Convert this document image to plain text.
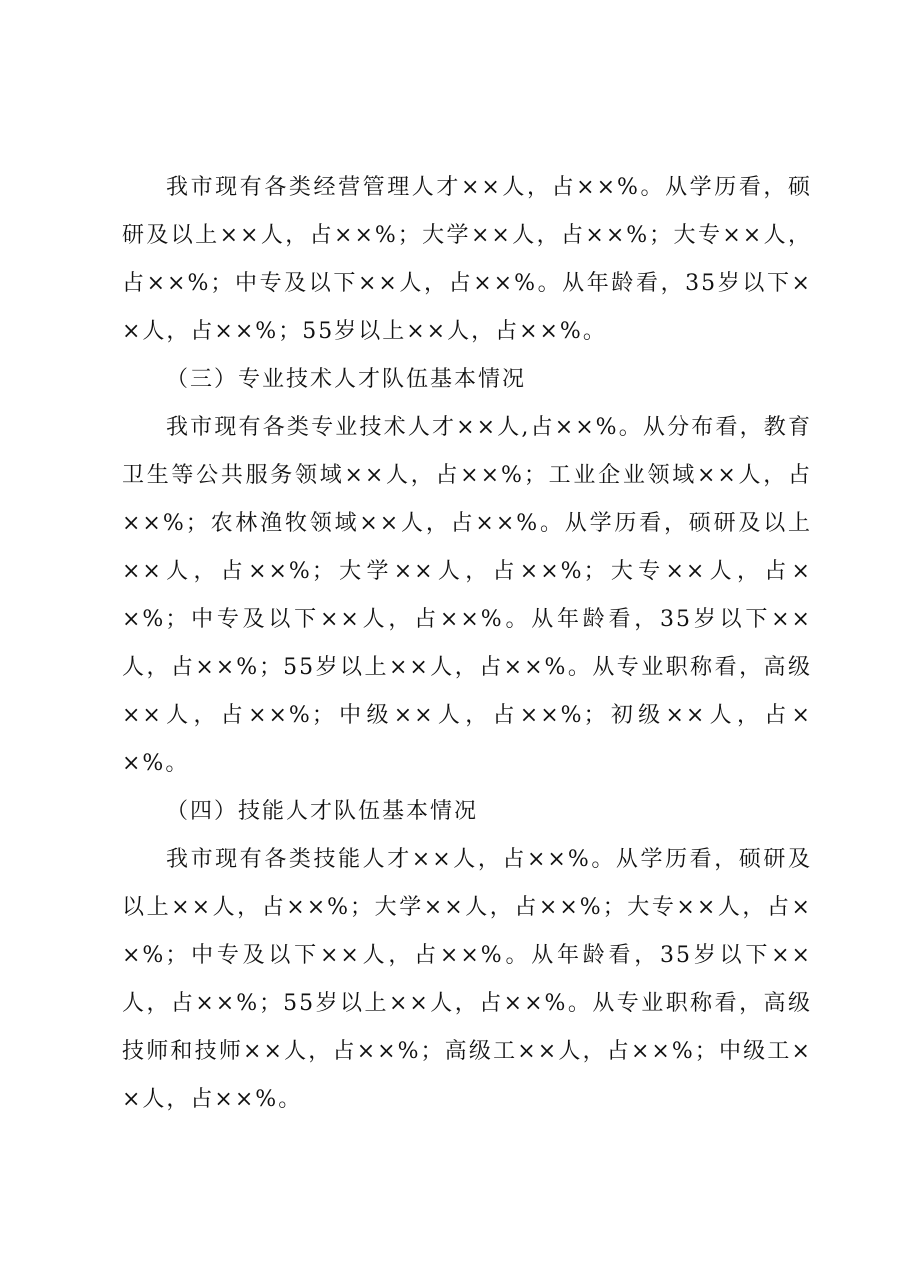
我市现有各类经营管理人才××人，占××%。从学历看，硕研及以上××人，占××%；大学××人，占××%；大专××人，占××%；中专及以下××人，占××%。从年龄看，35岁以下××人，占××%；55岁以上××人，占××%。

（三）专业技术人才队伍基本情况

我市现有各类专业技术人才××人,占××%。从分布看，教育卫生等公共服务领域××人，占××%；工业企业领域××人，占××%；农林渔牧领域××人，占××%。从学历看，硕研及以上××人，占××%；大学××人，占××%；大专××人，占××%；中专及以下××人，占××%。从年龄看，35岁以下××人，占××%；55岁以上××人，占××%。从专业职称看，高级××人，占××%；中级××人，占××%；初级××人，占××%。

（四）技能人才队伍基本情况

我市现有各类技能人才××人，占××%。从学历看，硕研及以上××人，占××%；大学××人，占××%；大专××人，占××%；中专及以下××人，占××%。从年龄看，35岁以下××人，占××%；55岁以上××人，占××%。从专业职称看，高级技师和技师××人，占××%；高级工××人，占××%；中级工××人，占××%。
